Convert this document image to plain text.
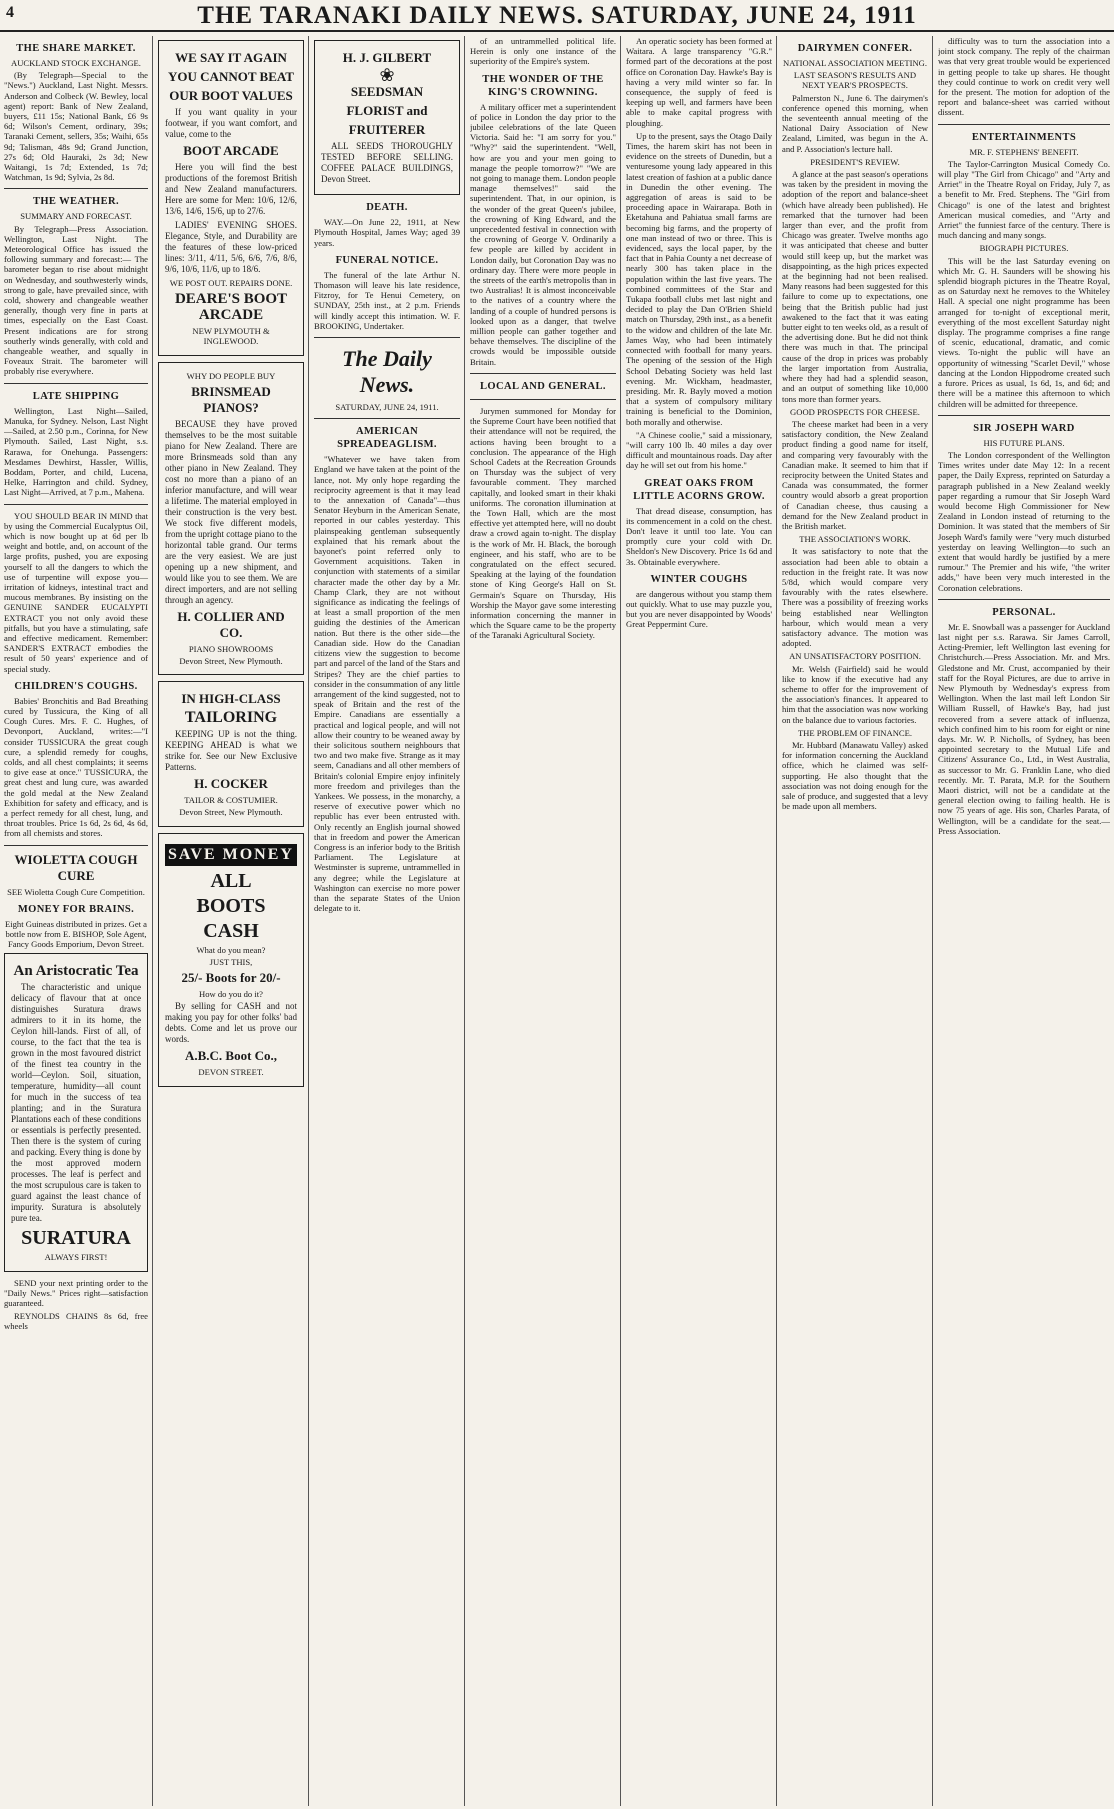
4	THE TARANAKI DAILY NEWS. SATURDAY, JUNE 24, 1911
THE SHARE MARKET.
AUCKLAND STOCK EXCHANGE.

(By Telegraph—Special to the "News.") Auckland, Last Night. Messrs. Anderson and Colbeck (W. Bewley, local agent) report: Bank of New Zealand, buyers, £11 15s; National Bank, £6 9s 6d; Wilson's Cement, ordinary, 39s; Taranaki Cement, sellers, 35s; Waihi, 65s 9d; Talisman, 48s 9d; Grand Junction, 27s 6d; Old Hauraki, 2s 3d; New Waitangi, 1s 7d; Extended, 1s 7d; Watchman, 1s 9d; Sylvia, 2s 8d.

THE WEATHER.
SUMMARY AND FORECAST.

By Telegraph—Press Association. Wellington, Last Night. The Meteorological Office has issued the following summary and forecast:— The barometer began to rise about midnight on Wednesday, and southwesterly winds, strong to gale, have prevailed since, with cold, showery and changeable weather generally, though very fine in parts at times, especially on the East Coast. Present indications are for strong southerly winds generally, with cold and changeable weather, and squally in Foveaux Strait. The barometer will probably rise everywhere.

LATE SHIPPING

Wellington, Last Night—Sailed, Manuka, for Sydney. Nelson, Last Night—Sailed, at 2.50 p.m., Corinna, for New Plymouth. Sailed, Last Night, s.s. Rarawa, for Onehunga. Passengers: Mesdames Dewhirst, Hassler, Willis, Boddam, Porter, and child, Lucena, Helke, Harrington and child. Sydney, Last Night—Arrived, at 7 p.m., Mahena.

YOU SHOULD BEAR IN MIND that by using the Commercial Eucalyptus Oil, which is now bought up at 6d per lb weight and bottle, and, on account of the large profits, pushed, you are exposing yourself to all the dangers to which the use of turpentine will expose you—irritation of kidneys, intestinal tract and mucous membranes. By insisting on the GENUINE SANDER EUCALYPTI EXTRACT you not only avoid these pitfalls, but you have a stimulating, safe and effective medicament. Remember: SANDER'S EXTRACT embodies the result of 50 years' experience and of special study.

CHILDREN'S COUGHS.

Babies' Bronchitis and Bad Breathing cured by Tussicura, the King of all Cough Cures. Mrs. F. C. Hughes, of Devonport, Auckland, writes:—"I consider TUSSICURA the great cough cure, a splendid remedy for coughs, colds, and all chest complaints; it seems to give ease at once." TUSSICURA, the great chest and lung cure, was awarded the gold medal at the New Zealand Exhibition for safety and efficacy, and is a perfect remedy for all chest, lung, and throat troubles. Price 1s 6d, 2s 6d, 4s 6d, from all chemists and stores.

WIOLETTA COUGH CURE
SEE Wioletta Cough Cure Competition.
MONEY FOR BRAINS.
Eight Guineas distributed in prizes. Get a bottle now from E. BISHOP, Sole Agent, Fancy Goods Emporium, Devon Street.
An Aristocratic Tea

The characteristic and unique delicacy of flavour that at once distinguishes Suratura draws admirers to it in its home, the Ceylon hill-lands. First of all, of course, to the fact that the tea is grown in the most favoured district of the finest tea country in the world—Ceylon. Soil, situation, temperature, humidity—all count for much in the success of tea planting; and in the Suratura Plantations each of these conditions or essentials is perfectly presented. Then there is the system of curing and packing. Every thing is done by the most approved modern processes. The leaf is perfect and the most scrupulous care is taken to guard against the least chance of impurity. Suratura is absolutely pure tea.

SURATURA
ALWAYS FIRST!

SEND your next printing order to the "Daily News." Prices right—satisfaction guaranteed.

REYNOLDS CHAINS 8s 6d, free wheels

WE SAY IT AGAIN
YOU CANNOT BEAT
OUR BOOT VALUES

If you want quality in your footwear, if you want comfort, and value, come to the

BOOT ARCADE

Here you will find the best productions of the foremost British and New Zealand manufacturers. Here are some for Men: 10/6, 12/6, 13/6, 14/6, 15/6, up to 27/6.

LADIES' EVENING SHOES. Elegance, Style, and Durability are the features of these low-priced lines: 3/11, 4/11, 5/6, 6/6, 7/6, 8/6, 9/6, 10/6, 11/6, up to 18/6.

WE POST OUT. REPAIRS DONE.
DEARE'S BOOT ARCADE
NEW PLYMOUTH & INGLEWOOD.
WHY DO PEOPLE BUY
BRINSMEAD PIANOS?

BECAUSE they have proved themselves to be the most suitable piano for New Zealand. There are more Brinsmeads sold than any other piano in New Zealand. They cost no more than a piano of an inferior manufacture, and will wear a lifetime. The material employed in their construction is the very best. We stock five different models, from the upright cottage piano to the horizontal table grand. Our terms are the very easiest. We are just opening up a new shipment, and would like you to see them. We are direct importers, and are not selling through an agency.

H. COLLIER AND CO.
PIANO SHOWROOMS
Devon Street, New Plymouth.
IN HIGH-CLASS
TAILORING

KEEPING UP is not the thing. KEEPING AHEAD is what we strike for. See our New Exclusive Patterns.

H. COCKER
TAILOR & COSTUMIER.
Devon Street, New Plymouth.
SAVE MONEY
ALL
BOOTS
CASH
What do you mean?
JUST THIS,
25/- Boots for 20/-
How do you do it?

By selling for CASH and not making you pay for other folks' bad debts. Come and let us prove our words.

A.B.C. Boot Co.,
DEVON STREET.
H. J. GILBERT
❀
SEEDSMAN
FLORIST and
FRUITERER

ALL SEEDS THOROUGHLY TESTED BEFORE SELLING. COFFEE PALACE BUILDINGS, Devon Street.

DEATH.

WAY.—On June 22, 1911, at New Plymouth Hospital, James Way; aged 39 years.

FUNERAL NOTICE.

The funeral of the late Arthur N. Thomason will leave his late residence, Fitzroy, for Te Henui Cemetery, on SUNDAY, 25th inst., at 2 p.m. Friends will kindly accept this intimation. W. F. BROOKING, Undertaker.

The Daily News.
SATURDAY, JUNE 24, 1911.
AMERICAN SPREADEAGLISM.

"Whatever we have taken from England we have taken at the point of the lance, not. My only hope regarding the reciprocity agreement is that it may lead to the annexation of Canada"—thus Senator Heyburn in the American Senate, reported in our cables yesterday. This plainspeaking gentleman subsequently explained that his remark about the bayonet's point referred only to Government acquisitions. Taken in conjunction with statements of a similar character made the other day by a Mr. Champ Clark, they are not without significance as indicating the feelings of at least a small proportion of the men guiding the destinies of the American nation. But there is the other side—the Canadian side. How do the Canadian citizens view the suggestion to become part and parcel of the land of the Stars and Stripes? They are the chief parties to consider in the consummation of any little arrangement of the kind suggested, not to speak of Britain and the rest of the Empire. Canadians are essentially a practical and logical people, and will not allow their country to be weaned away by their solicitous southern neighbours that two and two make five. Strange as it may seem, Canadians and all other members of Britain's colonial Empire enjoy infinitely more freedom and privileges than the Yankees. We possess, in the monarchy, a reserve of executive power which no republic has ever been entrusted with. Only recently an English journal showed that in freedom and power the American Congress is an inferior body to the British Parliament. The Legislature at Westminster is supreme, untrammelled in any degree; while the Legislature at Washington can exercise no more power than the separate States of the Union delegate to it.

of an untrammelled political life. Herein is only one instance of the superiority of the Empire's system.

THE WONDER OF THE KING'S CROWNING.

A military officer met a superintendent of police in London the day prior to the jubilee celebrations of the late Queen Victoria. Said he: "I am sorry for you." "Why?" said the superintendent. "Well, how are you and your men going to manage the people tomorrow?" "We are not going to manage them. London people manage themselves!" said the superintendent. That, in our opinion, is the wonder of the great Queen's jubilee, the crowning of King Edward, and the unprecedented festival in connection with the crowning of George V. Ordinarily a few people are killed by accident in London daily, but Coronation Day was no ordinary day. There were more people in the streets of the earth's metropolis than in two Australias! It is almost inconceivable to the natives of a country where the landing of a couple of hundred persons is looked upon as a danger, that twelve million people can gather together and behave themselves. The discipline of the crowds would be impossible outside Britain.

LOCAL AND GENERAL.

Jurymen summoned for Monday for the Supreme Court have been notified that their attendance will not be required, the actions having been brought to a conclusion. The appearance of the High School Cadets at the Recreation Grounds on Thursday was the subject of very favourable comment. They marched capitally, and looked smart in their khaki uniforms. The coronation illumination at the Town Hall, which are the most effective yet attempted here, will no doubt draw a crowd again to-night. The display is the work of Mr. H. Black, the borough engineer, and his staff, who are to be congratulated on the effect secured. Speaking at the laying of the foundation stone of King George's Hall on St. Germain's Square on Thursday, His Worship the Mayor gave some interesting information concerning the manner in which the Square came to be the property of the Taranaki Agricultural Society.

An operatic society has been formed at Waitara. A large transparency "G.R." formed part of the decorations at the post office on Coronation Day. Hawke's Bay is having a very mild winter so far. In consequence, the supply of feed is keeping up well, and farmers have been able to make capital progress with ploughing.

Up to the present, says the Otago Daily Times, the harem skirt has not been in evidence on the streets of Dunedin, but a venturesome young lady appeared in this latest creation of fashion at a public dance in Dunedin the other evening. The aggregation of areas is said to be proceeding apace in Wairarapa. Both in Eketahuna and Pahiatua small farms are becoming big farms, and the property of one man instead of two or three. This is evidenced, says the local paper, by the fact that in Pahia County a net decrease of nearly 300 has taken place in the population within the last five years. The combined committees of the Star and Tukapa football clubs met last night and decided to play the Dan O'Brien Shield match on Thursday, 29th inst., as a benefit to the widow and children of the late Mr. James Way, who had been intimately connected with football for many years. The opening of the session of the High School Debating Society was held last evening. Mr. Wickham, headmaster, presiding. Mr. R. Bayly moved a motion that a system of compulsory military training is beneficial to the Dominion, both morally and otherwise.

"A Chinese coolie," said a missionary, "will carry 100 lb. 40 miles a day over difficult and mountainous roads. Day after day he will set out from his home."

GREAT OAKS FROM LITTLE ACORNS GROW.

That dread disease, consumption, has its commencement in a cold on the chest. Don't leave it until too late. You can promptly cure your cold with Dr. Sheldon's New Discovery. Price 1s 6d and 3s. Obtainable everywhere.

WINTER COUGHS

are dangerous without you stamp them out quickly. What to use may puzzle you, but you are never disappointed by Woods' Great Peppermint Cure.

DAIRYMEN CONFER.
NATIONAL ASSOCIATION MEETING.
LAST SEASON'S RESULTS AND NEXT YEAR'S PROSPECTS.

Palmerston N., June 6. The dairymen's conference opened this morning, when the seventeenth annual meeting of the National Dairy Association of New Zealand, Limited, was begun in the A. and P. Association's lecture hall.

PRESIDENT'S REVIEW.

A glance at the past season's operations was taken by the president in moving the adoption of the report and balance-sheet (which have already been published). He remarked that the turnover had been larger than ever, and the profit from Chicago was greater. Twelve months ago it was anticipated that cheese and butter would still keep up, but the market was disappointing, as the high prices expected at the beginning had not been realised. Many reasons had been suggested for this failure to come up to expectations, one being that the British public had just awakened to the fact that it was eating butter eight to ten weeks old, as a result of the advertising done. But he did not think there was much in that. The principal cause of the drop in prices was probably the larger importation from Australia, where they had had a splendid season, and an output of something like 10,000 tons more than former years.

GOOD PROSPECTS FOR CHEESE.

The cheese market had been in a very satisfactory condition, the New Zealand product finding a good name for itself, and comparing very favourably with the Canadian make. It seemed to him that if reciprocity between the United States and Canada was consummated, the former country would absorb a great proportion of Canadian cheese, thus causing a demand for the New Zealand product in the British market.

THE ASSOCIATION'S WORK.

It was satisfactory to note that the association had been able to obtain a reduction in the freight rate. It was now 5/8d, which would compare very favourably with the rates elsewhere. There was a possibility of freezing works being established near Wellington harbour, which would mean a very satisfactory advance. The motion was adopted.

AN UNSATISFACTORY POSITION.

Mr. Welsh (Fairfield) said he would like to know if the executive had any scheme to offer for the improvement of the association's finances. It appeared to him that the association was now working on the balance due to various factories.

THE PROBLEM OF FINANCE.

Mr. Hubbard (Manawatu Valley) asked for information concerning the Auckland office, which he claimed was self-supporting. He also thought that the association was not doing enough for the sale of produce, and suggested that a levy be made upon all members.

difficulty was to turn the association into a joint stock company. The reply of the chairman was that very great trouble would be experienced in getting people to take up shares. He thought they could continue to work on credit very well for the present. The motion for adoption of the report and balance-sheet was carried without dissent.

ENTERTAINMENTS
MR. F. STEPHENS' BENEFIT.

The Taylor-Carrington Musical Comedy Co. will play "The Girl from Chicago" and "Arty and Arriet" in the Theatre Royal on Friday, July 7, as a benefit to Mr. Fred. Stephens. The "Girl from Chicago" is one of the latest and brightest American musical comedies, and "Arty and Arriet" the funniest farce of the century. There is much dancing and many songs.

BIOGRAPH PICTURES.

This will be the last Saturday evening on which Mr. G. H. Saunders will be showing his splendid biograph pictures in the Theatre Royal, as on Saturday next he removes to the Whiteley Hall. A special one night programme has been arranged for to-night of exceptional merit, everything of the most excellent Saturday night display. The programme comprises a fine range of scenic, educational, dramatic, and comic views. To-night the public will have an opportunity of witnessing "Scarlet Devil," whose dancing at the London Hippodrome created such a furore. Prices as usual, 1s 6d, 1s, and 6d; and there will be a matinee this afternoon to which children will be admitted for threepence.

SIR JOSEPH WARD
HIS FUTURE PLANS.

The London correspondent of the Wellington Times writes under date May 12: In a recent paper, the Daily Express, reprinted on Saturday a paragraph published in a New Zealand weekly paper regarding a rumour that Sir Joseph Ward would become High Commissioner for New Zealand in London instead of returning to the Dominion. It was stated that the members of Sir Joseph Ward's family were "very much disturbed yesterday on leaving Wellington—to such an extent that would hardly be justified by a mere rumour." The Premier and his wife, "the writer adds," have been very much interested in the Coronation celebrations.

PERSONAL.

Mr. E. Snowball was a passenger for Auckland last night per s.s. Rarawa. Sir James Carroll, Acting-Premier, left Wellington last evening for Christchurch.—Press Association. Mr. and Mrs. Gledstone and Mr. Crust, accompanied by their staff for the Royal Pictures, are due to arrive in New Plymouth by Wednesday's express from Wellington. When the last mail left London Sir William Russell, of Hawke's Bay, had just recovered from a severe attack of influenza, which confined him to his room for eight or nine days. Mr. W. P. Nicholls, of Sydney, has been appointed secretary to the Mutual Life and Citizens' Assurance Co., Ltd., in West Australia, as successor to Mr. G. Franklin Lane, who died recently. Mr. T. Parata, M.P. for the Southern Maori district, will not be a candidate at the general election owing to failing health. He is now 75 years of age. His son, Charles Parata, of Wellington, will be a candidate for the seat.—Press Association.
